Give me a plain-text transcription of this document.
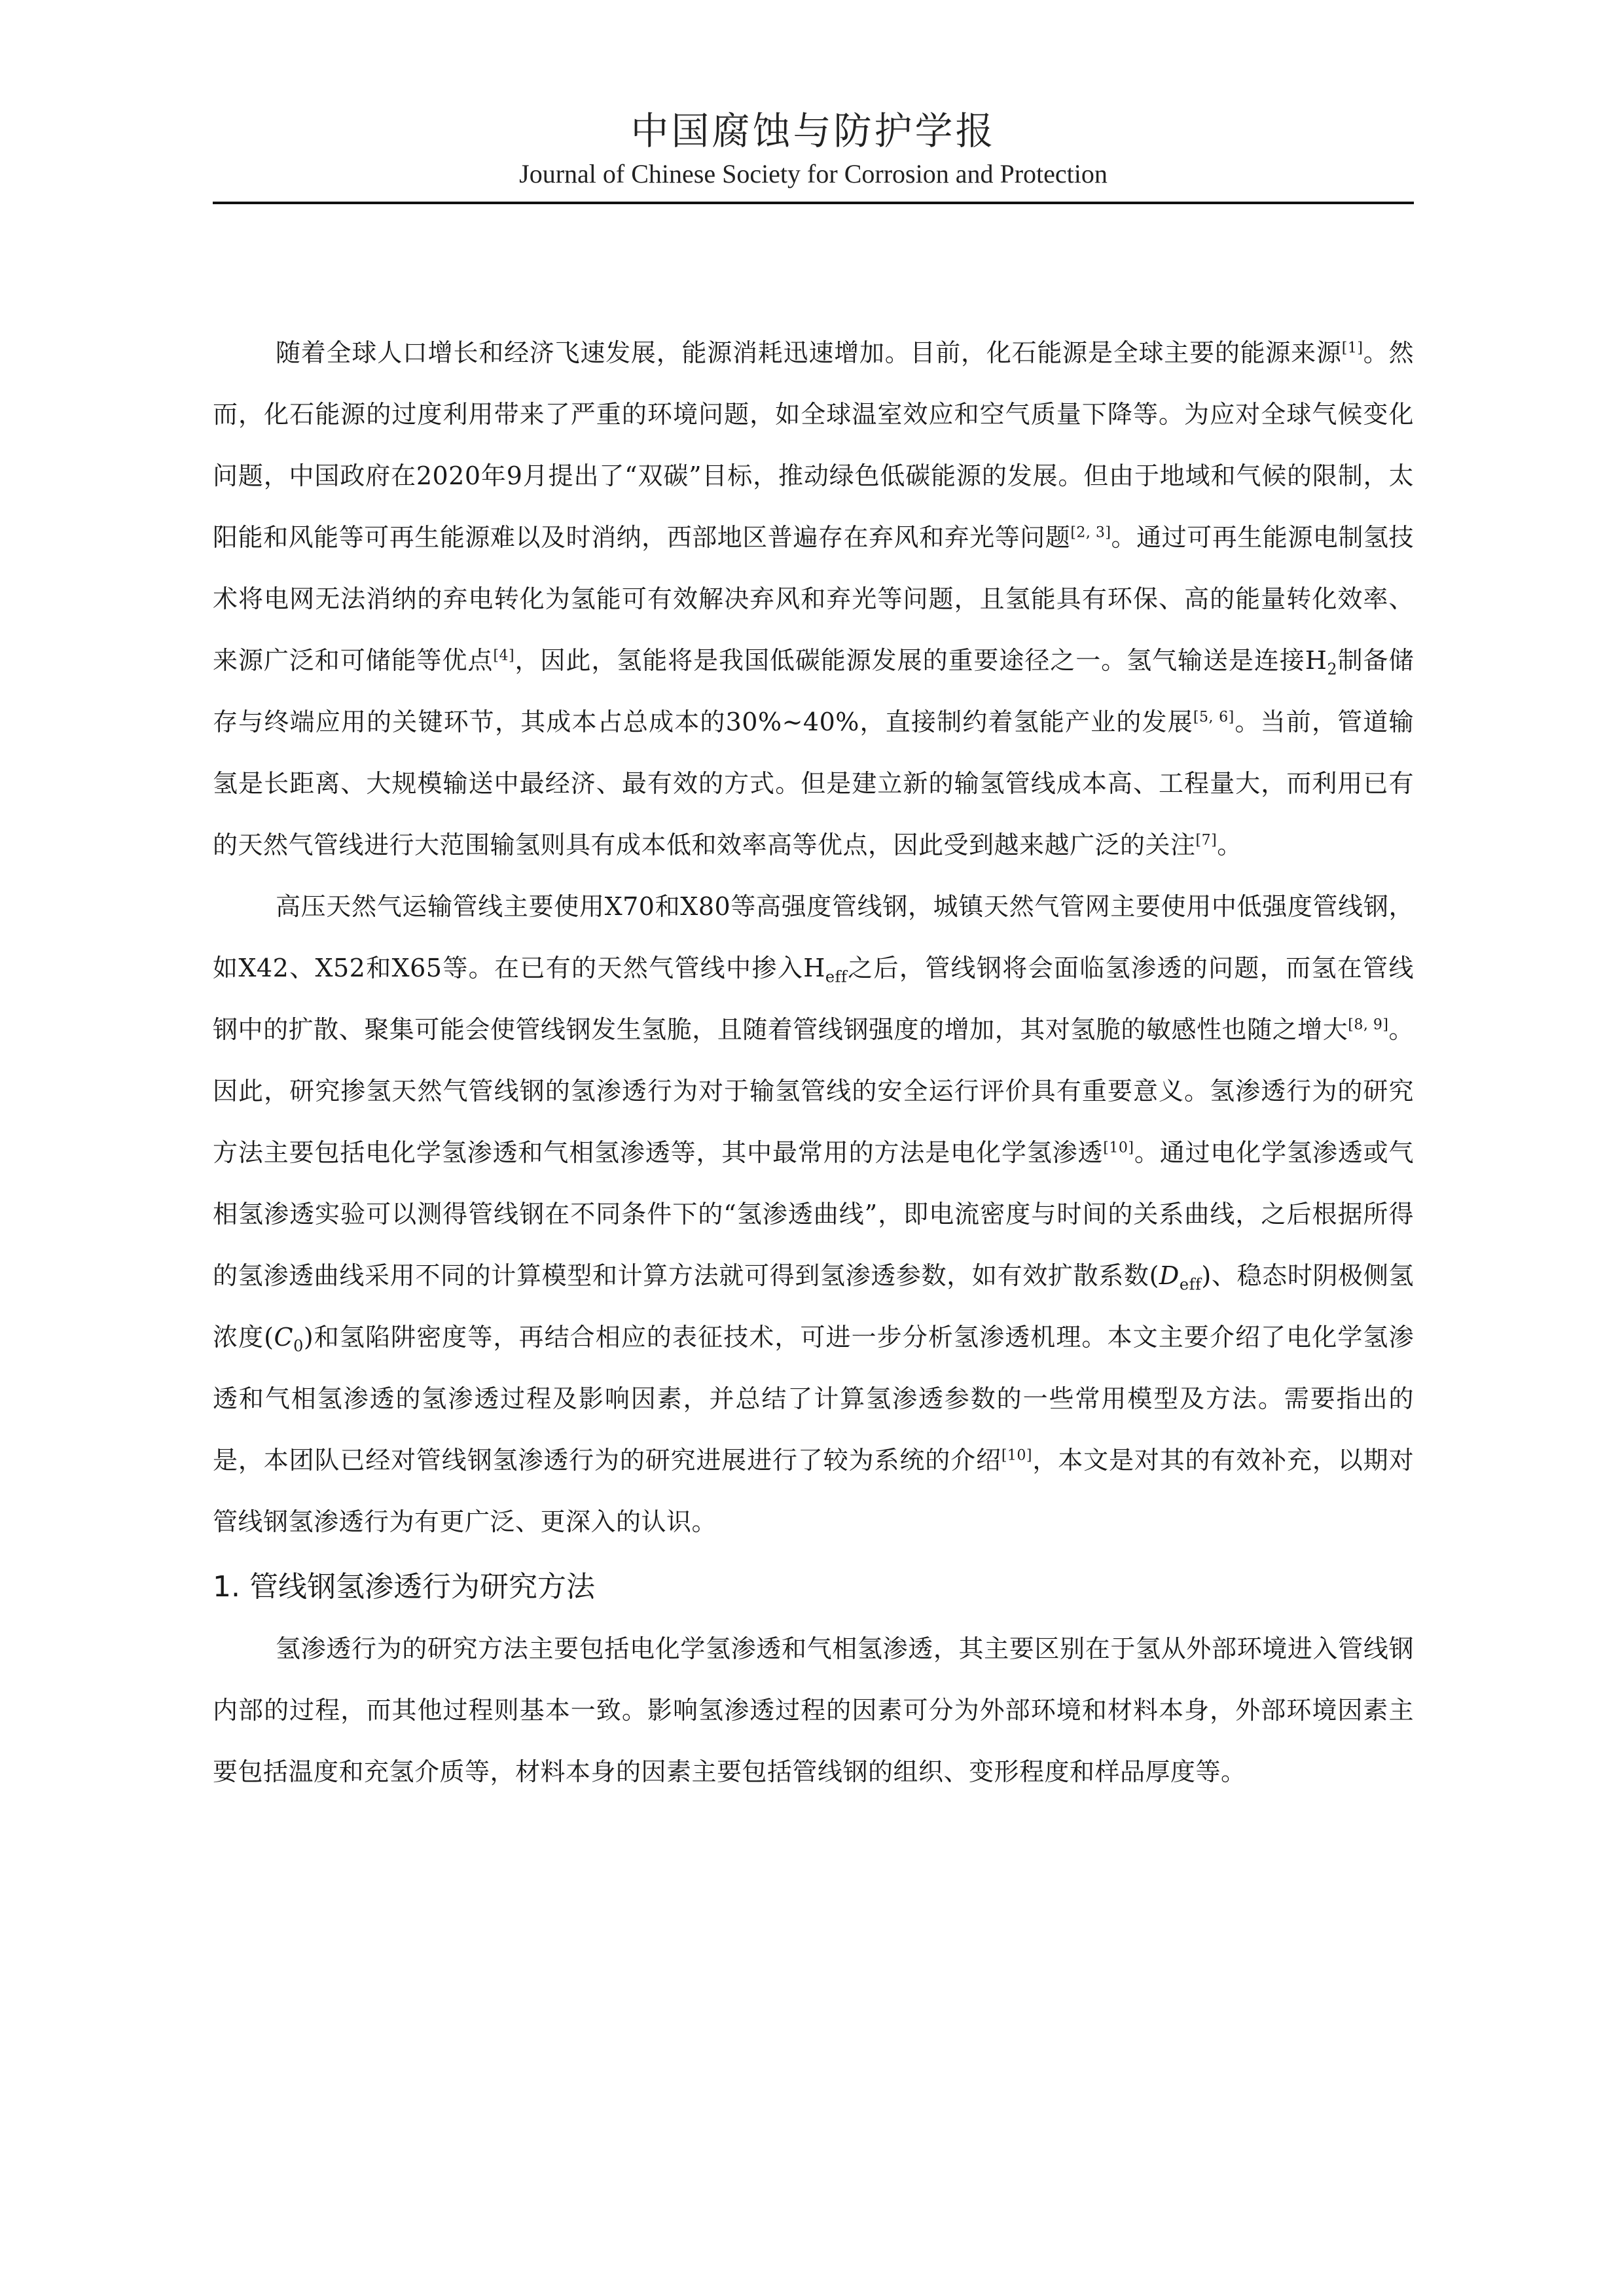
中国腐蚀与防护学报
Journal of Chinese Society for Corrosion and Protection

随着全球人口增长和经济飞速发展，能源消耗迅速增加。目前，化石能源是全球主要的能源来源[1]。然而，化石能源的过度利用带来了严重的环境问题，如全球温室效应和空气质量下降等。为应对全球气候变化问题，中国政府在2020年9月提出了“双碳”目标，推动绿色低碳能源的发展。但由于地域和气候的限制，太阳能和风能等可再生能源难以及时消纳，西部地区普遍存在弃风和弃光等问题[2, 3]。通过可再生能源电制氢技术将电网无法消纳的弃电转化为氢能可有效解决弃风和弃光等问题，且氢能具有环保、高的能量转化效率、来源广泛和可储能等优点[4]，因此，氢能将是我国低碳能源发展的重要途径之一。氢气输送是连接$H_2$制备储存与终端应用的关键环节，其成本占总成本的30%~40%，直接制约着氢能产业的发展[5, 6]。当前，管道输氢是长距离、大规模输送中最经济、最有效的方式。但是建立新的输氢管线成本高、工程量大，而利用已有的天然气管线进行大范围输氢则具有成本低和效率高等优点，因此受到越来越广泛的关注[7]。

高压天然气运输管线主要使用X70和X80等高强度管线钢，城镇天然气管网主要使用中低强度管线钢，如X42、X52和X65等。在已有的天然气管线中掺入$H_{eff}$之后，管线钢将会面临氢渗透的问题，而氢在管线钢中的扩散、聚集可能会使管线钢发生氢脆，且随着管线钢强度的增加，其对氢脆的敏感性也随之增大[8, 9]。因此，研究掺氢天然气管线钢的氢渗透行为对于输氢管线的安全运行评价具有重要意义。氢渗透行为的研究方法主要包括电化学氢渗透和气相氢渗透等，其中最常用的方法是电化学氢渗透[10]。通过电化学氢渗透或气相氢渗透实验可以测得管线钢在不同条件下的“氢渗透曲线”，即电流密度与时间的关系曲线，之后根据所得的氢渗透曲线采用不同的计算模型和计算方法就可得到氢渗透参数，如有效扩散系数$(D_{eff})$、稳态时阴极侧氢浓度$(C_0)$和氢陷阱密度等，再结合相应的表征技术，可进一步分析氢渗透机理。本文主要介绍了电化学氢渗透和气相氢渗透的氢渗透过程及影响因素，并总结了计算氢渗透参数的一些常用模型及方法。需要指出的是，本团队已经对管线钢氢渗透行为的研究进展进行了较为系统的介绍[10]，本文是对其的有效补充，以期对管线钢氢渗透行为有更广泛、更深入的认识。

1. 管线钢氢渗透行为研究方法

氢渗透行为的研究方法主要包括电化学氢渗透和气相氢渗透，其主要区别在于氢从外部环境进入管线钢内部的过程，而其他过程则基本一致。影响氢渗透过程的因素可分为外部环境和材料本身，外部环境因素主要包括温度和充氢介质等，材料本身的因素主要包括管线钢的组织、变形程度和样品厚度等。
